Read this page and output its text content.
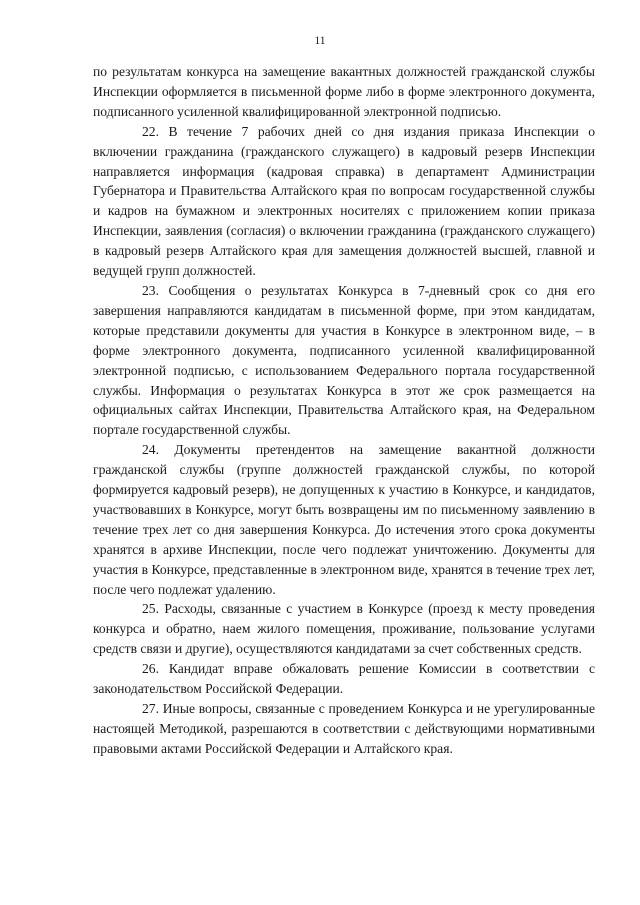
11

по результатам конкурса на замещение вакантных должностей гражданской службы Инспекции оформляется в письменной форме либо в форме электронного документа, подписанного усиленной квалифицированной электронной подписью.

22. В течение 7 рабочих дней со дня издания приказа Инспекции о включении гражданина (гражданского служащего) в кадровый резерв Инспекции направляется информация (кадровая справка) в департамент Администрации Губернатора и Правительства Алтайского края по вопросам государственной службы и кадров на бумажном и электронных носителях с приложением копии приказа Инспекции, заявления (согласия) о включении гражданина (гражданского служащего) в кадровый резерв Алтайского края для замещения должностей высшей, главной и ведущей групп должностей.

23. Сообщения о результатах Конкурса в 7-дневный срок со дня его завершения направляются кандидатам в письменной форме, при этом кандидатам, которые представили документы для участия в Конкурсе в электронном виде, – в форме электронного документа, подписанного усиленной квалифицированной электронной подписью, с использованием Федерального портала государственной службы. Информация о результатах Конкурса в этот же срок размещается на официальных сайтах Инспекции, Правительства Алтайского края, на Федеральном портале государственной службы.

24. Документы претендентов на замещение вакантной должности гражданской службы (группе должностей гражданской службы, по которой формируется кадровый резерв), не допущенных к участию в Конкурсе, и кандидатов, участвовавших в Конкурсе, могут быть возвращены им по письменному заявлению в течение трех лет со дня завершения Конкурса. До истечения этого срока документы хранятся в архиве Инспекции, после чего подлежат уничтожению. Документы для участия в Конкурсе, представленные в электронном виде, хранятся в течение трех лет, после чего подлежат удалению.

25. Расходы, связанные с участием в Конкурсе (проезд к месту проведения конкурса и обратно, наем жилого помещения, проживание, пользование услугами средств связи и другие), осуществляются кандидатами за счет собственных средств.

26. Кандидат вправе обжаловать решение Комиссии в соответствии с законодательством Российской Федерации.

27. Иные вопросы, связанные с проведением Конкурса и не урегулированные настоящей Методикой, разрешаются в соответствии с действующими нормативными правовыми актами Российской Федерации и Алтайского края.
